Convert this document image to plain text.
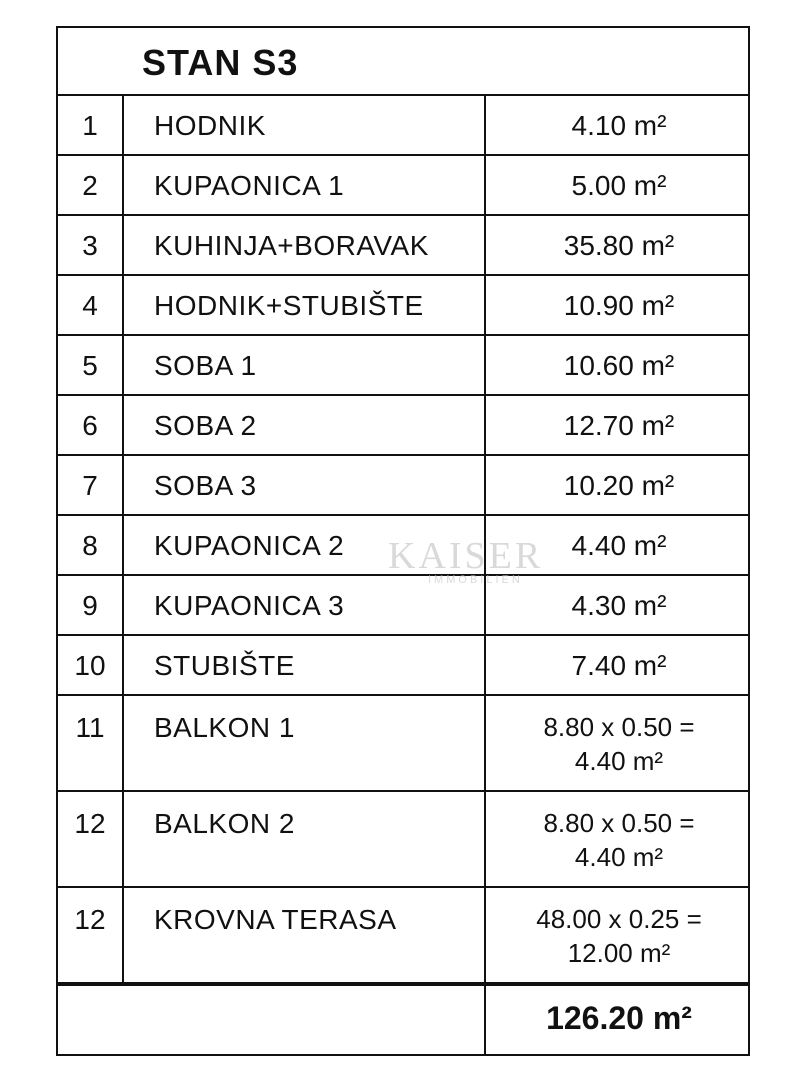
STAN S3
1	HODNIK	4.10 m²
2	KUPAONICA 1	5.00 m²
3	KUHINJA+BORAVAK	35.80 m²
4	HODNIK+STUBIŠTE	10.90 m²
5	SOBA 1	10.60 m²
6	SOBA 2	12.70 m²
7	SOBA 3	10.20 m²
8	KUPAONICA 2	4.40 m²
9	KUPAONICA 3	4.30 m²
10	STUBIŠTE	7.40 m²
11	BALKON 1	8.80 x 0.50 =
4.40 m²
12	BALKON 2	8.80 x 0.50 =
4.40 m²
12	KROVNA TERASA	48.00 x 0.25 =
12.00 m²
126.20 m²
KAISER
IMMOBILIEN
